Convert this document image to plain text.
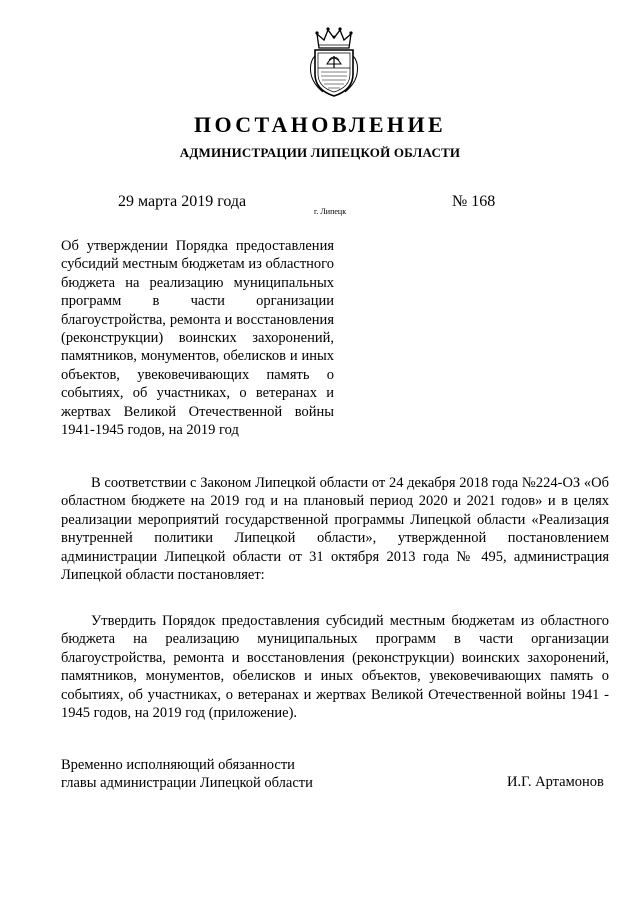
ПОСТАНОВЛЕНИЕ
АДМИНИСТРАЦИИ ЛИПЕЦКОЙ ОБЛАСТИ
29 марта 2019 года
г. Липецк
№ 168
Об утверждении Порядка предоставления субсидий местным бюджетам из областного бюджета на реализацию муниципальных программ в части организации благоустройства, ремонта и восстановления (реконструкции) воинских захоронений, памятников, монументов, обелисков и иных объектов, увековечивающих память о событиях, об участниках, о ветеранах и жертвах Великой Отечественной войны 1941-1945 годов, на 2019 год
В соответствии с Законом Липецкой области от 24 декабря 2018 года №224-ОЗ «Об областном бюджете на 2019 год и на плановый период 2020 и 2021 годов» и в целях реализации мероприятий государственной программы Липецкой области «Реализация внутренней политики Липецкой области», утвержденной постановлением администрации Липецкой области от 31 октября 2013 года № 495, администрация Липецкой области постановляет:
Утвердить Порядок предоставления субсидий местным бюджетам из областного бюджета на реализацию муниципальных программ в части организации благоустройства, ремонта и восстановления (реконструкции) воинских захоронений, памятников, монументов, обелисков и иных объектов, увековечивающих память о событиях, об участниках, о ветеранах и жертвах Великой Отечественной войны 1941 - 1945 годов, на 2019 год (приложение).
Временно исполняющий обязанности
главы администрации Липецкой области	И.Г. Артамонов
